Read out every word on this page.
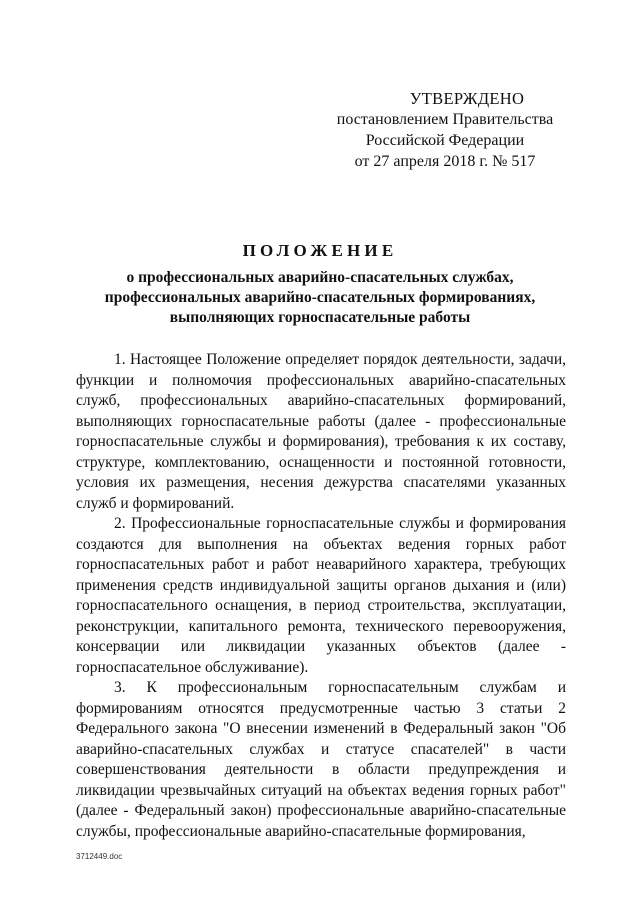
УТВЕРЖДЕНО
постановлением Правительства
Российской Федерации
от 27 апреля 2018 г. № 517
ПОЛОЖЕНИЕ
о профессиональных аварийно-спасательных службах,
профессиональных аварийно-спасательных формированиях,
выполняющих горноспасательные работы

1. Настоящее Положение определяет порядок деятельности, задачи, функции и полномочия профессиональных аварийно-спасательных служб, профессиональных аварийно-спасательных формирований, выполняющих горноспасательные работы (далее - профессиональные горноспасательные службы и формирования), требования к их составу, структуре, комплектованию, оснащенности и постоянной готовности, условия их размещения, несения дежурства спасателями указанных служб и формирований.

2. Профессиональные горноспасательные службы и формирования создаются для выполнения на объектах ведения горных работ горноспасательных работ и работ неаварийного характера, требующих применения средств индивидуальной защиты органов дыхания и (или) горноспасательного оснащения, в период строительства, эксплуатации, реконструкции, капитального ремонта, технического перевооружения, консервации или ликвидации указанных объектов (далее - горноспасательное обслуживание).

3. К профессиональным горноспасательным службам и формированиям относятся предусмотренные частью 3 статьи 2 Федерального закона "О внесении изменений в Федеральный закон "Об аварийно-спасательных службах и статусе спасателей" в части совершенствования деятельности в области предупреждения и ликвидации чрезвычайных ситуаций на объектах ведения горных работ" (далее - Федеральный закон) профессиональные аварийно-спасательные службы, профессиональные аварийно-спасательные формирования,

3712449.doc
